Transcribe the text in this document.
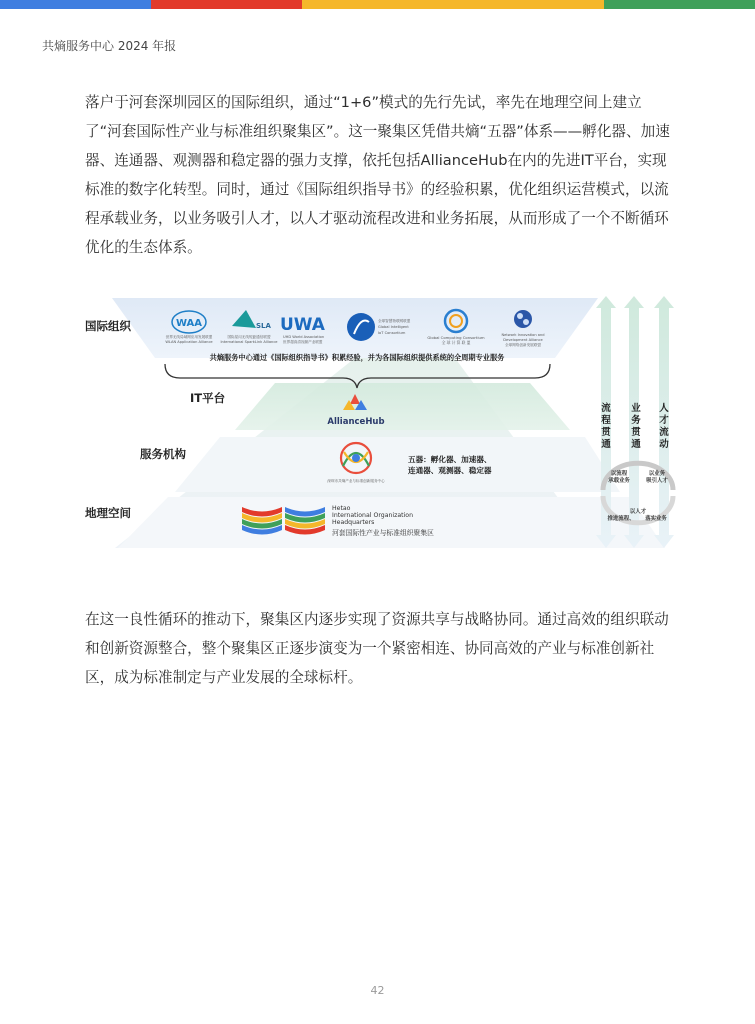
共熵服务中心 2024 年报

落户于河套深圳园区的国际组织，通过“1+6”模式的先行先试，率先在地理空间上建立了“河套国际性产业与标准组织聚集区”。这一聚集区凭借共熵“五器”体系——孵化器、加速器、连通器、观测器和稳定器的强力支撑，依托包括AllianceHub在内的先进IT平台，实现标准的数字化转型。同时，通过《国际组织指导书》的经验积累，优化组织运营模式，以流程承载业务，以业务吸引人才，以人才驱动流程改进和业务拓展，从而形成了一个不断循环优化的生态体系。

国际组织
IT平台
服务机构
地理空间
WAA
世界无线局域网应用发展联盟
WLAN Application Alliance
SLA
国际星闪无线短距通信联盟
International SparkLink Alliance
UWA
UHD World Association
世界超高清视频产业联盟
全球智慧物联网联盟
Global Intelligent
IoT Consortium
Global Computing Consortium
全 球 计 算 联 盟
Network Innovation and
Development Alliance
全球网络创新发展联盟
共熵服务中心通过《国际组织指导书》积累经验，并为各国际组织提供系统的全周期专业服务
AllianceHub
深圳市共熵产业与标准创新服务中心
五器：孵化器、加速器、
连通器、观测器、稳定器
Hetao
International Organization
Headquarters
河套国际性产业与标准组织聚集区
流
程
贯
通
业
务
贯
通
人
才
流
动
以流程
承载业务
以业务
吸引人才
以人才
推进流程、 落实业务

在这一良性循环的推动下，聚集区内逐步实现了资源共享与战略协同。通过高效的组织联动和创新资源整合，整个聚集区正逐步演变为一个紧密相连、协同高效的产业与标准创新社区，成为标准制定与产业发展的全球标杆。

42
